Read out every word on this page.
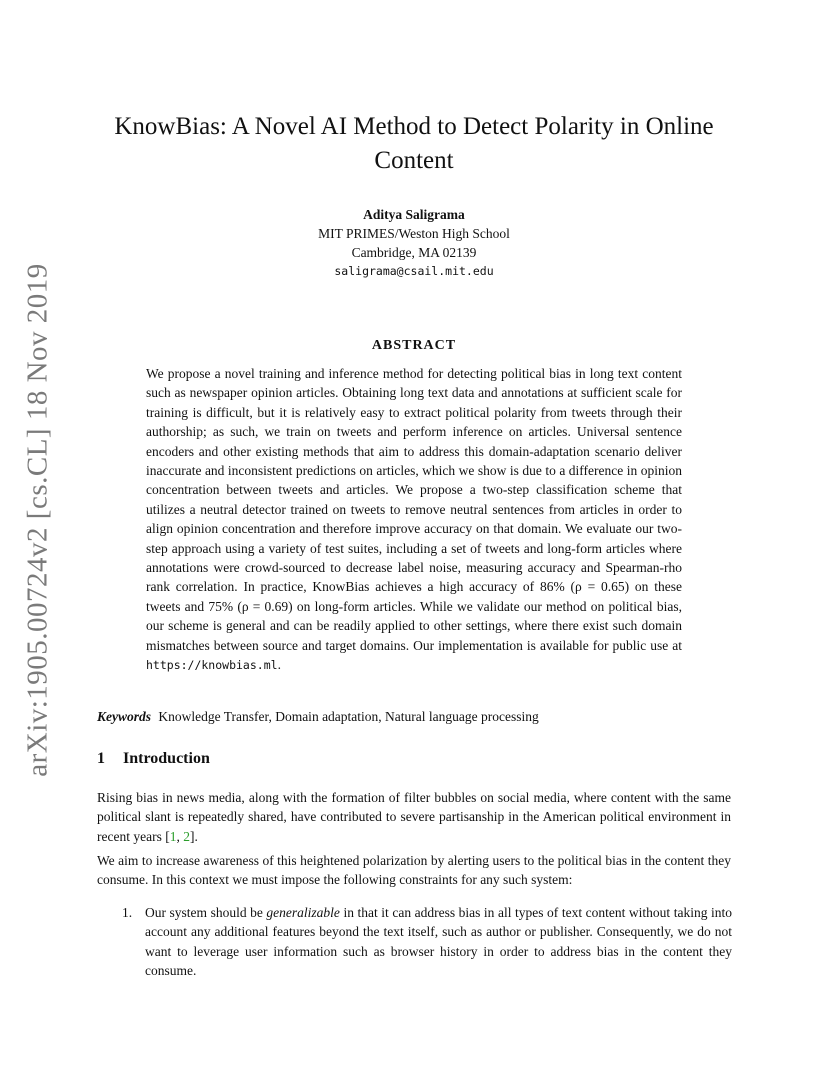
arXiv:1905.00724v2 [cs.CL] 18 Nov 2019
KnowBias: A Novel AI Method to Detect Polarity in Online
Content
Aditya Saligrama
MIT PRIMES/Weston High School
Cambridge, MA 02139
saligrama@csail.mit.edu
ABSTRACT
We propose a novel training and inference method for detecting political bias in long text content such as newspaper opinion articles. Obtaining long text data and annotations at sufficient scale for training is difficult, but it is relatively easy to extract political polarity from tweets through their authorship; as such, we train on tweets and perform inference on articles. Universal sentence encoders and other existing methods that aim to address this domain-adaptation scenario deliver inaccurate and inconsistent predictions on articles, which we show is due to a difference in opinion concentration between tweets and articles. We propose a two-step classification scheme that utilizes a neutral detector trained on tweets to remove neutral sentences from articles in order to align opinion concentration and therefore improve accuracy on that domain. We evaluate our two-step approach using a variety of test suites, including a set of tweets and long-form articles where annotations were crowd-sourced to decrease label noise, measuring accuracy and Spearman-rho rank correlation. In practice, KnowBias achieves a high accuracy of 86% (ρ = 0.65) on these tweets and 75% (ρ = 0.69) on long-form articles. While we validate our method on political bias, our scheme is general and can be readily applied to other settings, where there exist such domain mismatches between source and target domains. Our implementation is available for public use at https://knowbias.ml.
Keywords Knowledge Transfer, Domain adaptation, Natural language processing
1 Introduction
Rising bias in news media, along with the formation of filter bubbles on social media, where content with the same political slant is repeatedly shared, have contributed to severe partisanship in the American political environment in recent years [1, 2].
We aim to increase awareness of this heightened polarization by alerting users to the political bias in the content they consume. In this context we must impose the following constraints for any such system:
1. Our system should be generalizable in that it can address bias in all types of text content without taking into account any additional features beyond the text itself, such as author or publisher. Consequently, we do not want to leverage user information such as browser history in order to address bias in the content they consume.
